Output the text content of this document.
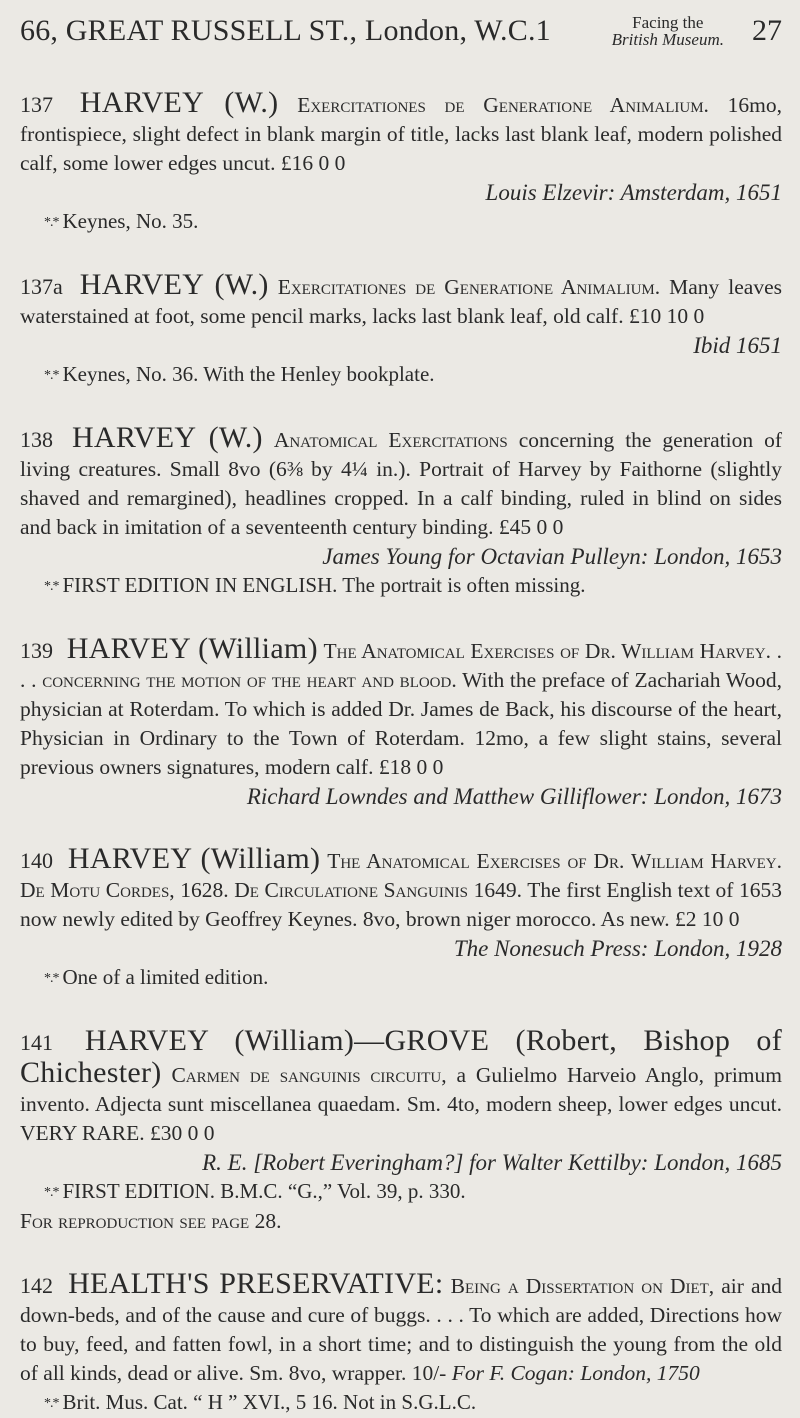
66, GREAT RUSSELL ST., London, W.C.1	Facing the
British Museum. 27

137 HARVEY (W.) Exercitationes de Generatione Animalium. 16mo, frontispiece, slight defect in blank margin of title, lacks last blank leaf, modern polished calf, some lower edges uncut. £16 0 0

Louis Elzevir: Amsterdam, 1651

*.* Keynes, No. 35.

137a HARVEY (W.) Exercitationes de Generatione Animalium. Many leaves waterstained at foot, some pencil marks, lacks last blank leaf, old calf. £10 10 0

Ibid 1651

*.* Keynes, No. 36. With the Henley bookplate.

138 HARVEY (W.) Anatomical Exercitations concerning the generation of living creatures. Small 8vo (6⅜ by 4¼ in.). Portrait of Harvey by Faithorne (slightly shaved and remargined), headlines cropped. In a calf binding, ruled in blind on sides and back in imitation of a seventeenth century binding. £45 0 0

James Young for Octavian Pulleyn: London, 1653

*.* FIRST EDITION IN ENGLISH. The portrait is often missing.

139 HARVEY (William) The Anatomical Exercises of Dr. William Harvey. . . . concerning the motion of the heart and blood. With the preface of Zachariah Wood, physician at Roterdam. To which is added Dr. James de Back, his discourse of the heart, Physician in Ordinary to the Town of Roterdam. 12mo, a few slight stains, several previous owners signatures, modern calf. £18 0 0

Richard Lowndes and Matthew Gilliflower: London, 1673

140 HARVEY (William) The Anatomical Exercises of Dr. William Harvey. De Motu Cordes, 1628. De Circulatione Sanguinis 1649. The first English text of 1653 now newly edited by Geoffrey Keynes. 8vo, brown niger morocco. As new. £2 10 0

The Nonesuch Press: London, 1928

*.* One of a limited edition.

141 HARVEY (William)—GROVE (Robert, Bishop of Chichester) Carmen de sanguinis circuitu, a Gulielmo Harveio Anglo, primum invento. Adjecta sunt miscellanea quaedam. Sm. 4to, modern sheep, lower edges uncut. VERY RARE. £30 0 0

R. E. [Robert Everingham?] for Walter Kettilby: London, 1685

*.* FIRST EDITION. B.M.C. “G.,” Vol. 39, p. 330.

For reproduction see page 28.

142 HEALTH'S PRESERVATIVE: Being a Dissertation on Diet, air and down-beds, and of the cause and cure of buggs. . . . To which are added, Directions how to buy, feed, and fatten fowl, in a short time; and to distinguish the young from the old of all kinds, dead or alive. Sm. 8vo, wrapper. 10/- For F. Cogan: London, 1750

*.* Brit. Mus. Cat. “ H ” XVI., 5 16. Not in S.G.L.C.
